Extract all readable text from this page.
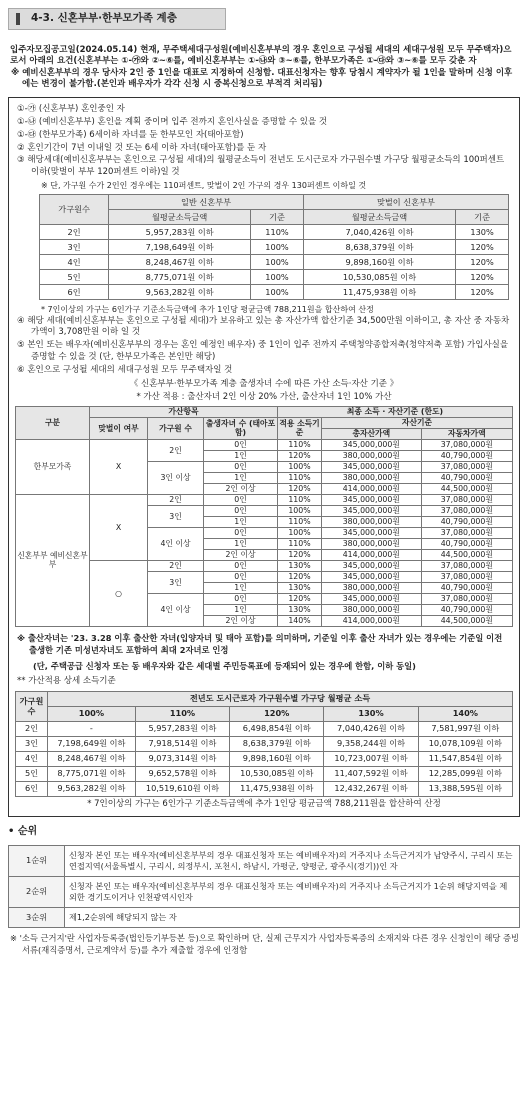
4-3. 신혼부부·한부모가족 계층
입주자모집공고일(2024.05.14) 현재, 무주택세대구성원(예비신혼부부의 경우 혼인으로 구성될 세대의 세대구성원 모두 무주택자)으로서 아래의 요건(신혼부부는 ①-㉮와 ②~⑥를, 예비신혼부부는 ①-㉯와 ③~⑥를, 한부모가족은 ①-㉰와 ③~⑥를 모두 갖춘 자
※ 예비신혼부부의 경우 당사자 2인 중 1인을 대표로 지정하여 신청함. 대표신청자는 향후 당첨시 계약자가 될 1인을 말하며 신청 이후에는 변경이 불가함.(본인과 배우자가 각각 신청 시 중복신청으로 부적격 처리됨)
①-㉮ (신혼부부) 혼인중인 자
①-㉯ (예비신혼부부) 혼인을 계획 중이며 입주 전까지 혼인사실을 증명할 수 있을 것
①-㉰ (한부모가족) 6세이하 자녀를 둔 한부모인 자(태아포함)
② 혼인기간이 7년 이내일 것 또는 6세 이하 자녀(태아포함)를 둔 자
③ 해당세대(예비신혼부부는 혼인으로 구성될 세대)의 월평균소득이 전년도 도시근로자 가구원수별 가구당 월평균소득의 100퍼센트 이하(맞벌이 부부 120퍼센트 이하)일 것
※ 단, 가구원 수가 2인인 경우에는 110퍼센트, 맞벌이 2인 가구의 경우 130퍼센트 이하일 것
가구원수	일반 신혼부부		맞벌이 신혼부부	
	월평균소득금액	기준	월평균소득금액	기준
2인	5,957,283원 이하	110%	7,040,426원 이하	130%
3인	7,198,649원 이하	100%	8,638,379원 이하	120%
4인	8,248,467원 이하	100%	9,898,160원 이하	120%
5인	8,775,071원 이하	100%	10,530,085원 이하	120%
6인	9,563,282원 이하	100%	11,475,938원 이하	120%
* 7인이상의 가구는 6인가구 기준소득금액에 추가 1인당 평균금액 788,211원을 합산하여 산정
④ 해당 세대(예비신혼부부는 혼인으로 구성될 세대)가 보유하고 있는 총 자산가액 합산기준 34,500만원 이하이고, 총 자산 중 자동차가액이 3,708만원 이하 일 것
⑤ 본인 또는 배우자(예비신혼부부의 경우는 혼인 예정인 배우자) 중 1인이 입주 전까지 주택청약종합저축(청약저축 포함) 가입사실을 증명할 수 있을 것 (단, 한부모가족은 본인만 해당)
⑥ 혼인으로 구성될 세대의 세대구성원 모두 무주택자일 것
《 신혼부부·한부모가족 계층 출생자녀 수에 따른 가산 소득·자산 기준 》
* 가산 적용 : 출산자녀 2인 이상 20% 가산, 출산자녀 1인 10% 가산
구분	가산항목			최종 소득 · 자산기준 (한도)		
	맞벌이 여부	가구원 수	출생자녀 수 (태아포함)	적용 소득기준	자산기준	
					총자산가액	자동차가액
한부모가족	X	2인	0인	110%	345,000,000원	37,080,000원
			1인	120%	380,000,000원	40,790,000원
		3인 이상	0인	100%	345,000,000원	37,080,000원
			1인	110%	380,000,000원	40,790,000원
			2인 이상	120%	414,000,000원	44,500,000원
신혼부부 예비신혼부부	X	2인	0인	110%	345,000,000원	37,080,000원
		3인	0인	100%	345,000,000원	37,080,000원
			1인	110%	380,000,000원	40,790,000원
		4인 이상	0인	100%	345,000,000원	37,080,000원
			1인	110%	380,000,000원	40,790,000원
			2인 이상	120%	414,000,000원	44,500,000원
	○	2인	0인	130%	345,000,000원	37,080,000원
		3인	0인	120%	345,000,000원	37,080,000원
			1인	130%	380,000,000원	40,790,000원
		4인 이상	0인	120%	345,000,000원	37,080,000원
			1인	130%	380,000,000원	40,790,000원
			2인 이상	140%	414,000,000원	44,500,000원
※ 출산자녀는 '23. 3.28 이후 출산한 자녀(입양자녀 및 태아 포함)를 의미하며, 기준일 이후 출산 자녀가 있는 경우에는 기준일 이전 출생한 기존 미성년자녀도 포함하여 최대 2자녀로 인정
(단, 주택공급 신청자 또는 동 배우자와 같은 세대별 주민등록표에 등재되어 있는 경우에 한함, 이하 동일)
** 가산적용 상세 소득기준
가구원수	전년도 도시근로자 가구원수별 가구당 월평균 소득				
	100%	110%	120%	130%	140%
2인	-	5,957,283원 이하	6,498,854원 이하	7,040,426원 이하	7,581,997원 이하
3인	7,198,649원 이하	7,918,514원 이하	8,638,379원 이하	9,358,244원 이하	10,078,109원 이하
4인	8,248,467원 이하	9,073,314원 이하	9,898,160원 이하	10,723,007원 이하	11,547,854원 이하
5인	8,775,071원 이하	9,652,578원 이하	10,530,085원 이하	11,407,592원 이하	12,285,099원 이하
6인	9,563,282원 이하	10,519,610원 이하	11,475,938원 이하	12,432,267원 이하	13,388,595원 이하
* 7인이상의 가구는 6인가구 기준소득금액에 추가 1인당 평균금액 788,211원을 합산하여 산정
• 순위
1순위	신청자 본인 또는 배우자(예비신혼부부의 경우 대표신청자 또는 예비배우자)의 거주지나 소득근거지가 남양주시, 구리시 또는 연접지역(서울특별시, 구리시, 의정부시, 포천시, 하남시, 가평군, 양평군, 광주시(경기))인 자
2순위	신청자 본인 또는 배우자(예비신혼부부의 경우 대표신청자 또는 예비배우자)의 거주지나 소득근거지가 1순위 해당지역을 제외한 경기도이거나 인천광역시인자
3순위	제1,2순위에 해당되지 않는 자
※ '소득 근거지'란 사업자등록증(법인등기부등본 등)으로 확인하며 단, 실제 근무지가 사업자등록증의 소재지와 다른 경우 신청인이 해당 증빙서류(재직증명서, 근로계약서 등)를 추가 제출할 경우에 인정함
